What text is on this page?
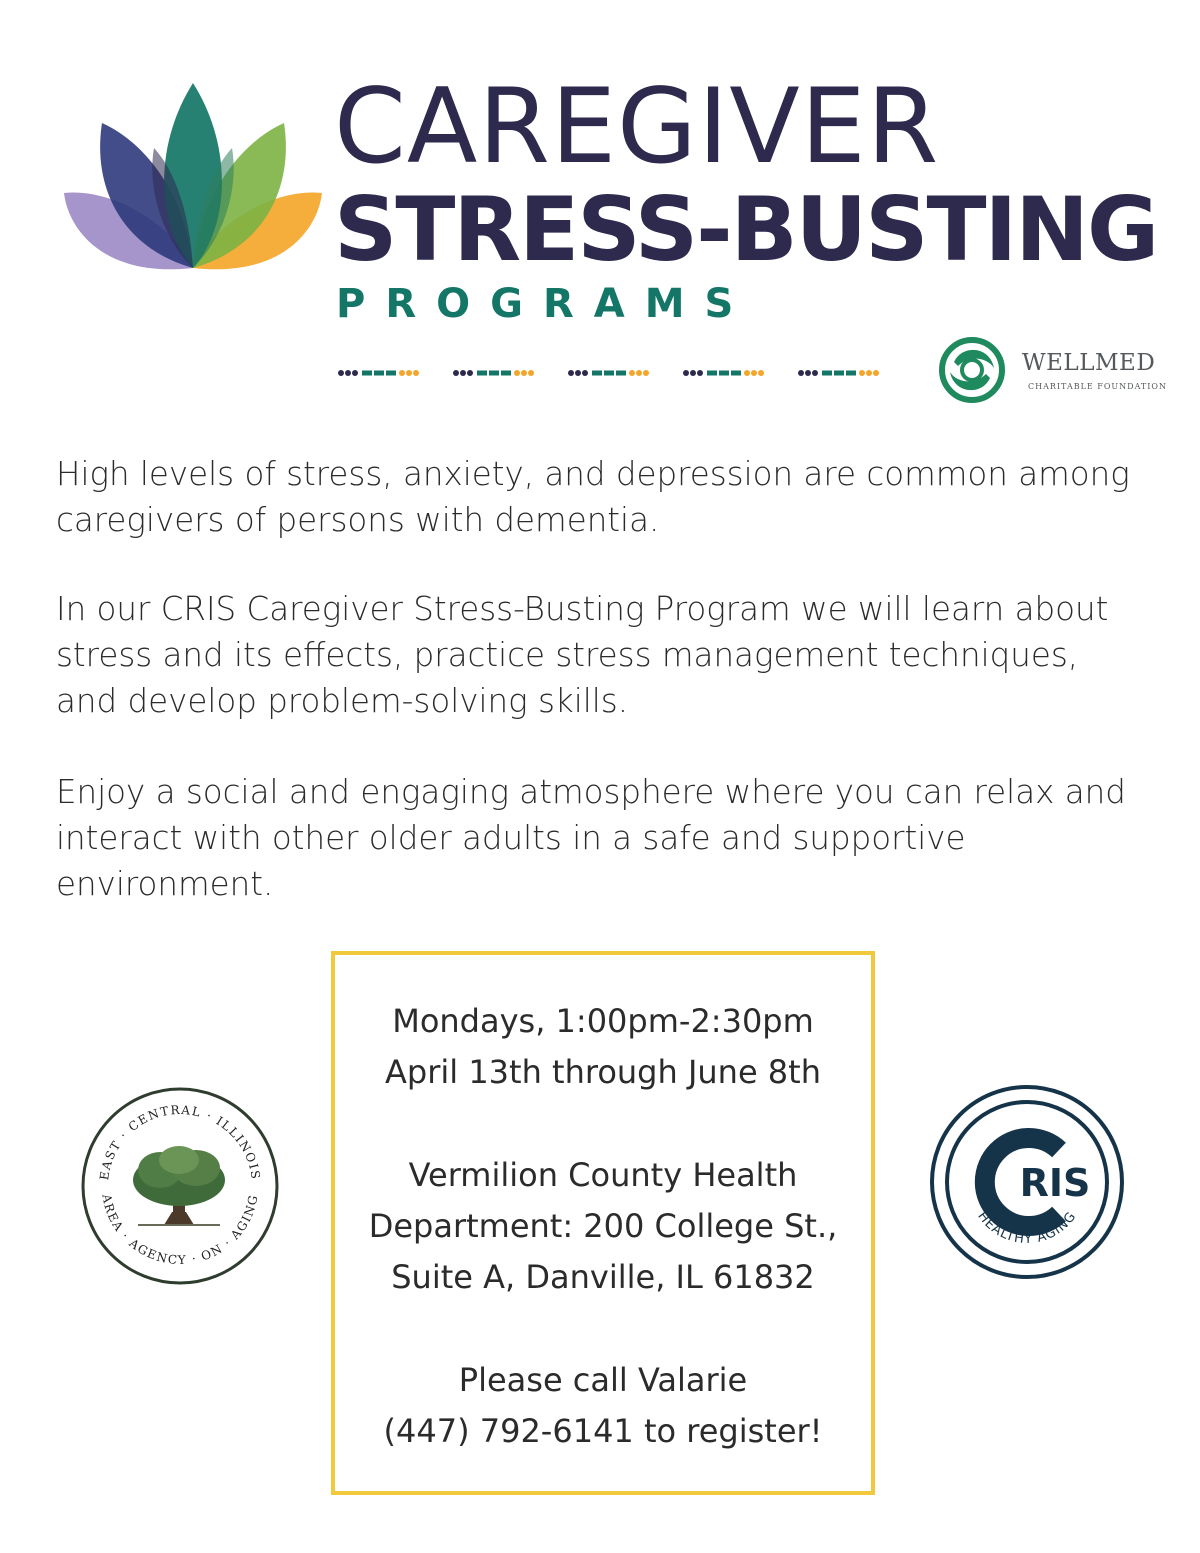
CAREGIVER
STRESS-BUSTING
PROGRAMS
WELLMED
CHARITABLE FOUNDATION

High levels of stress, anxiety, and depression are common among caregivers of persons with dementia.

In our CRIS Caregiver Stress-Busting Program we will learn about stress and its effects, practice stress management techniques, and develop problem-solving skills.

Enjoy a social and engaging atmosphere where you can relax and interact with other older adults in a safe and supportive environment.

Mondays, 1:00pm-2:30pm

April 13th through June 8th

Vermilion County Health

Department: 200 College St.,

Suite A, Danville, IL 61832

Please call Valarie

(447) 792-6141 to register!

EAST · CENTRAL · ILLINOIS
AREA · AGENCY · ON · AGING	RIS
HEALTHY AGING
